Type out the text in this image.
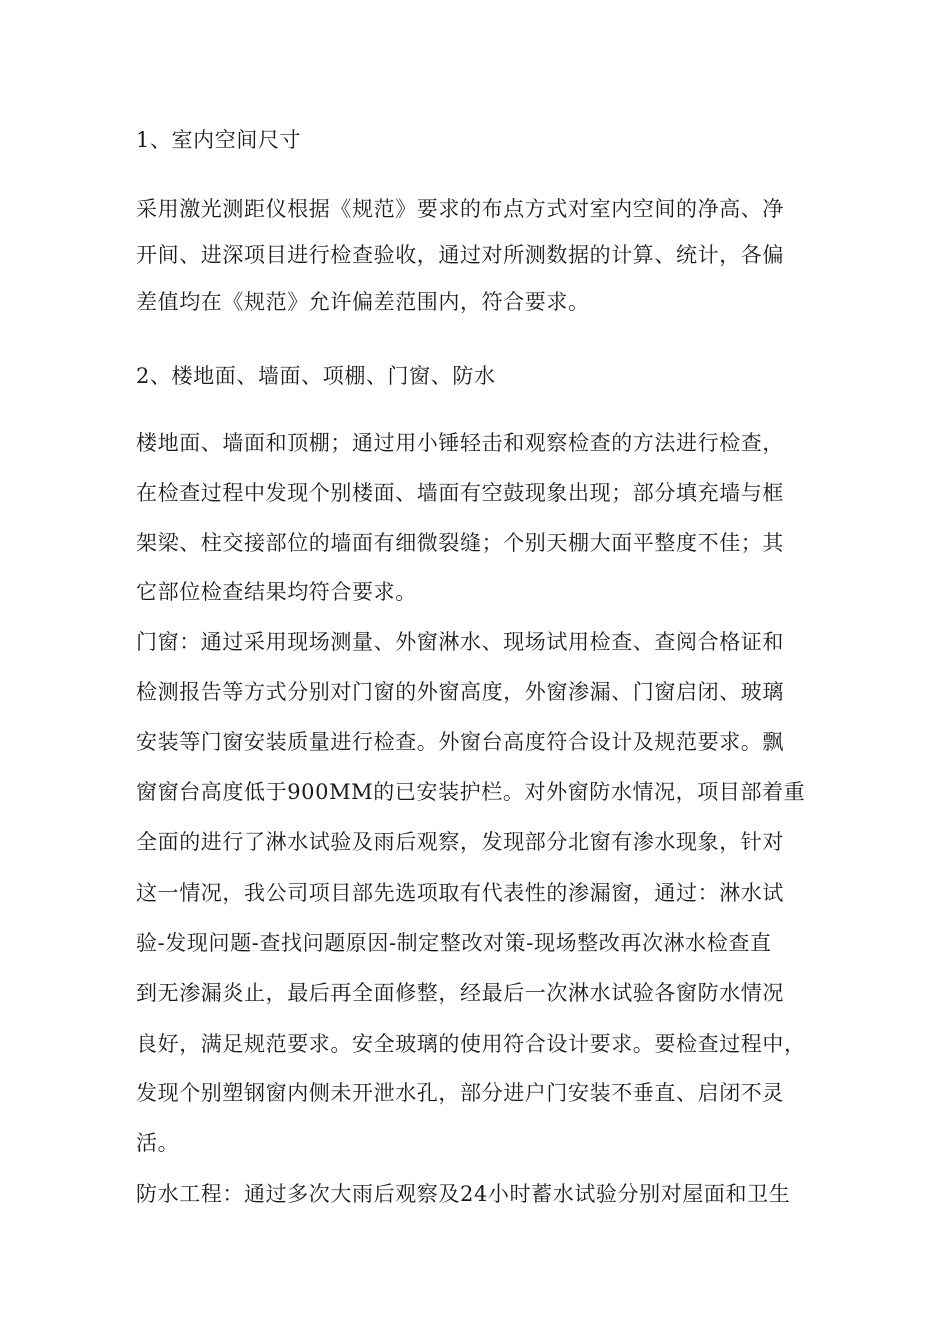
1、室内空间尺寸
采用激光测距仪根据《规范》要求的布点方式对室内空间的净高、净
开间、进深项目进行检查验收，通过对所测数据的计算、统计，各偏
差值均在《规范》允许偏差范围内，符合要求。
2、楼地面、墙面、项棚、门窗、防水
楼地面、墙面和顶棚；通过用小锤轻击和观察检查的方法进行检查，
在检查过程中发现个别楼面、墙面有空鼓现象出现；部分填充墙与框
架梁、柱交接部位的墙面有细微裂缝；个别天棚大面平整度不佳；其
它部位检查结果均符合要求。
门窗：通过采用现场测量、外窗淋水、现场试用检查、查阅合格证和
检测报告等方式分别对门窗的外窗高度，外窗渗漏、门窗启闭、玻璃
安装等门窗安装质量进行检查。外窗台高度符合设计及规范要求。飘
窗窗台高度低于900MM的已安装护栏。对外窗防水情况，项目部着重
全面的进行了淋水试验及雨后观察，发现部分北窗有渗水现象，针对
这一情况，我公司项目部先选项取有代表性的渗漏窗，通过：淋水试
验-发现问题-查找问题原因-制定整改对策-现场整改再次淋水检查直
到无渗漏炎止，最后再全面修整，经最后一次淋水试验各窗防水情况
良好，满足规范要求。安全玻璃的使用符合设计要求。要检查过程中，
发现个别塑钢窗内侧未开泄水孔，部分进户门安装不垂直、启闭不灵
活。
防水工程：通过多次大雨后观察及24小时蓄水试验分别对屋面和卫生
